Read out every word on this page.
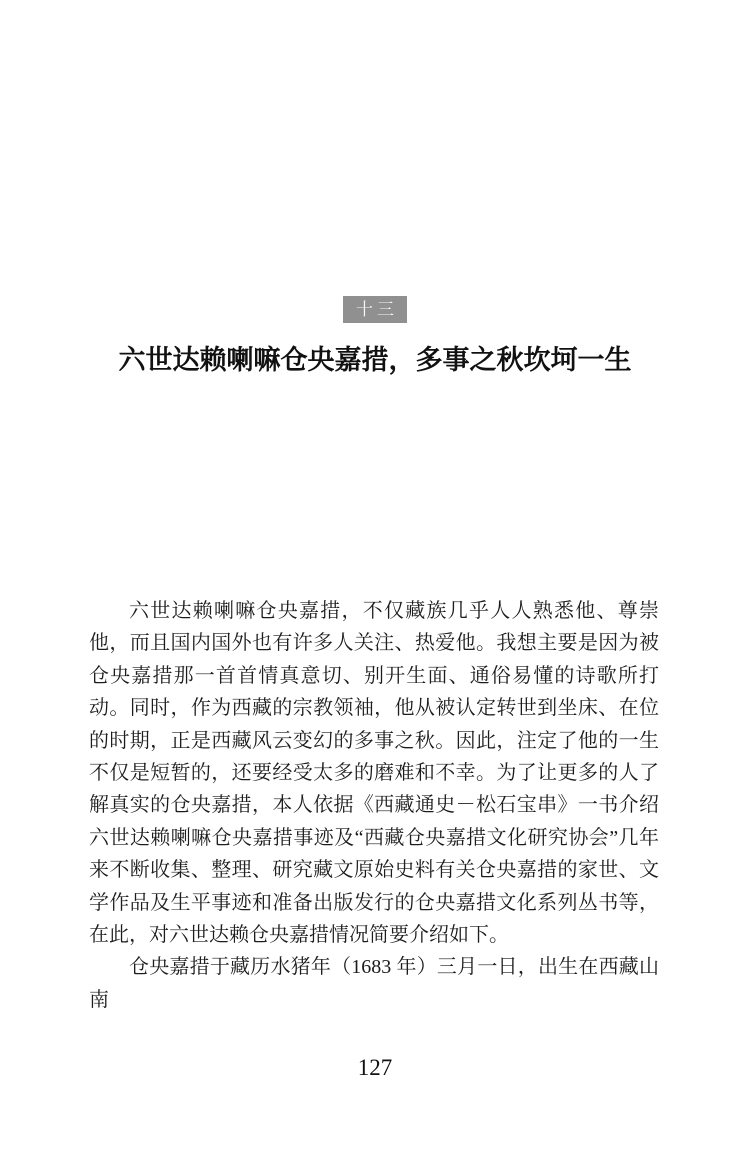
十三
六世达赖喇嘛仓央嘉措，多事之秋坎坷一生

六世达赖喇嘛仓央嘉措，不仅藏族几乎人人熟悉他、尊崇他，而且国内国外也有许多人关注、热爱他。我想主要是因为被仓央嘉措那一首首情真意切、别开生面、通俗易懂的诗歌所打动。同时，作为西藏的宗教领袖，他从被认定转世到坐床、在位的时期，正是西藏风云变幻的多事之秋。因此，注定了他的一生不仅是短暂的，还要经受太多的磨难和不幸。为了让更多的人了解真实的仓央嘉措，本人依据《西藏通史－松石宝串》一书介绍六世达赖喇嘛仓央嘉措事迹及“西藏仓央嘉措文化研究协会”几年来不断收集、整理、研究藏文原始史料有关仓央嘉措的家世、文学作品及生平事迹和准备出版发行的仓央嘉措文化系列丛书等，在此，对六世达赖仓央嘉措情况简要介绍如下。

仓央嘉措于藏历水猪年（1683 年）三月一日，出生在西藏山南

127
